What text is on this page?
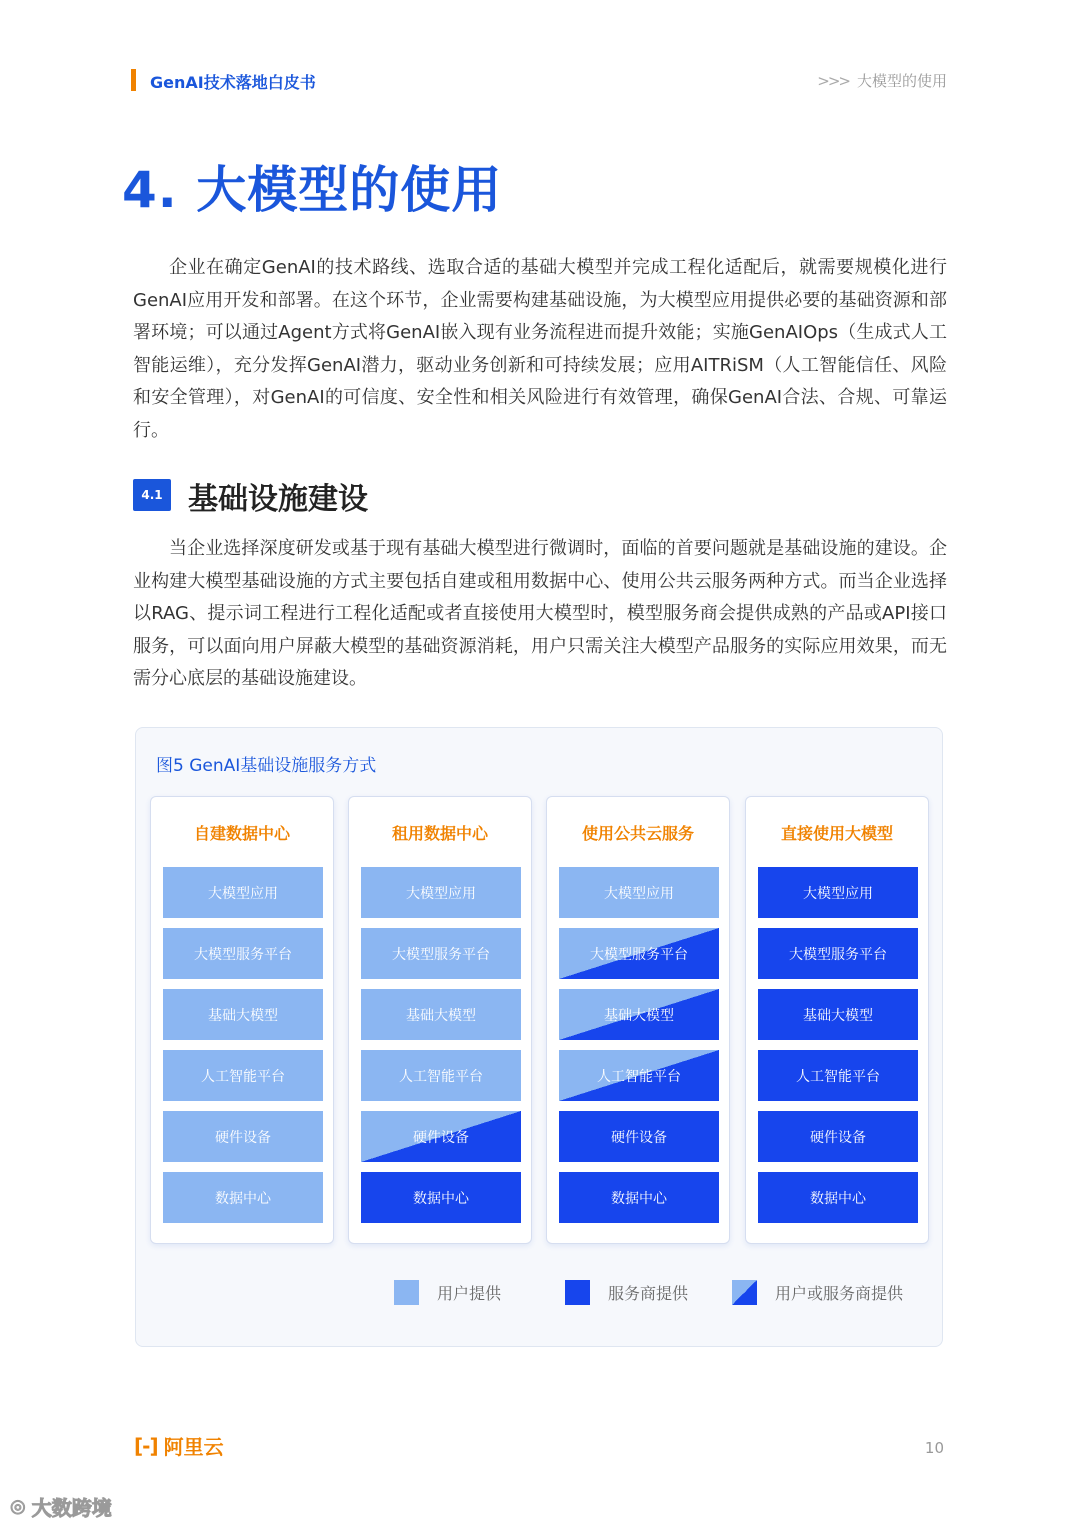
GenAI技术落地白皮书	>>> 大模型的使用
4. 大模型的使用

企业在确定GenAI的技术路线、选取合适的基础大模型并完成工程化适配后，就需要规模化进行GenAI应用开发和部署。在这个环节，企业需要构建基础设施，为大模型应用提供必要的基础资源和部署环境；可以通过Agent方式将GenAI嵌入现有业务流程进而提升效能；实施GenAIOps（生成式人工智能运维），充分发挥GenAI潜力，驱动业务创新和可持续发展；应用AITRiSM（人工智能信任、风险和安全管理），对GenAI的可信度、安全性和相关风险进行有效管理，确保GenAI合法、合规、可靠运行。

4.1 基础设施建设

当企业选择深度研发或基于现有基础大模型进行微调时，面临的首要问题就是基础设施的建设。企业构建大模型基础设施的方式主要包括自建或租用数据中心、使用公共云服务两种方式。而当企业选择以RAG、提示词工程进行工程化适配或者直接使用大模型时，模型服务商会提供成熟的产品或API接口服务，可以面向用户屏蔽大模型的基础资源消耗，用户只需关注大模型产品服务的实际应用效果，而无需分心底层的基础设施建设。

图5 GenAI基础设施服务方式
自建数据中心
大模型应用
大模型服务平台
基础大模型
人工智能平台
硬件设备
数据中心
租用数据中心
大模型应用
大模型服务平台
基础大模型
人工智能平台
硬件设备
数据中心
使用公共云服务
大模型应用
大模型服务平台
基础大模型
人工智能平台
硬件设备
数据中心
直接使用大模型
大模型应用
大模型服务平台
基础大模型
人工智能平台
硬件设备
数据中心
用户提供	服务商提供	用户或服务商提供
[-] 阿里云	10
◎ 大数跨境
